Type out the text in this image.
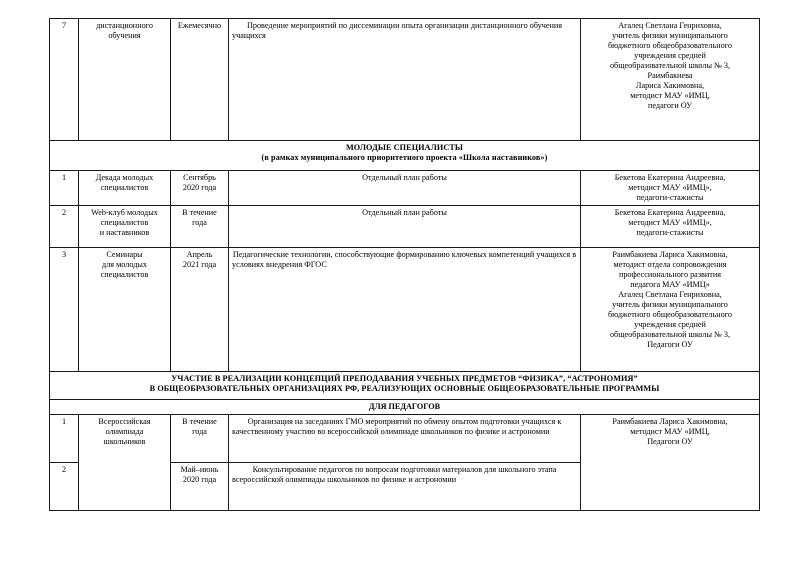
7	дистанционного
обучения	Ежемесячно	Проведение мероприятий по диссеминации опыта организации дистанционного обучения учащихся	Агалец Светлана Генриховна,
учитель физики муниципального
бюджетного общеобразовательного
учреждения средней
общеобразовательной школы № 3,
Раимбакиева
Лариса Хакимовна,
методист МАУ «ИМЦ,
педагоги ОУ

МОЛОДЫЕ СПЕЦИАЛИСТЫ
(в рамках муниципального приоритетного проекта «Школа наставников»)				

1	Декада молодых
специалистов	Сентябрь
2020 года	Отдельный план работы	Бекетова Екатерина Андреевна,
методист МАУ «ИМЦ»,
педагоги-стажисты
2	Web-клуб молодых
специалистов
и наставников	В течение года	Отдельный план работы	Бекетова Екатерина Андреевна,
методист МАУ «ИМЦ»,
педагоги-стажисты
3	Семинары
для молодых
специалистов	Апрель
2021 года	Педагогические технологии, способствующие формированию ключевых компетенций учащихся в условиях внедрения ФГОС	Раимбакиева Лариса Хакимовна,
методист отдела сопровождения
профессионального развития
педагога МАУ «ИМЦ»
Агалец Светлана Генриховна,
учитель физики муниципального
бюджетного общеобразовательного
учреждения средней
общеобразовательной школы № 3,
Педагоги ОУ

УЧАСТИЕ В РЕАЛИЗАЦИИ КОНЦЕПЦИЙ ПРЕПОДАВАНИЯ УЧЕБНЫХ ПРЕДМЕТОВ “ФИЗИКА”, “АСТРОНОМИЯ”
В ОБЩЕОБРАЗОВАТЕЛЬНЫХ ОРГАНИЗАЦИЯХ РФ, РЕАЛИЗУЮЩИХ ОСНОВНЫЕ ОБЩЕОБРАЗОВАТЕЛЬНЫЕ ПРОГРАММЫ				

ДЛЯ ПЕДАГОГОВ				
1	Всероссийская
олимпиада
школьников	В течение
года	Организация на заседаниях ГМО мероприятий по обмену опытом подготовки учащихся к качественному участию во всероссийской олимпиаде школьников по физике и астрономии	Раимбакиева Лариса Хакимовна,
методист МАУ «ИМЦ,
Педагоги ОУ
2		Май–июнь
2020 года	Консультирование педагогов по вопросам подготовки материалов для школьного этапа всероссийской олимпиады школьников по физике и астрономии	
